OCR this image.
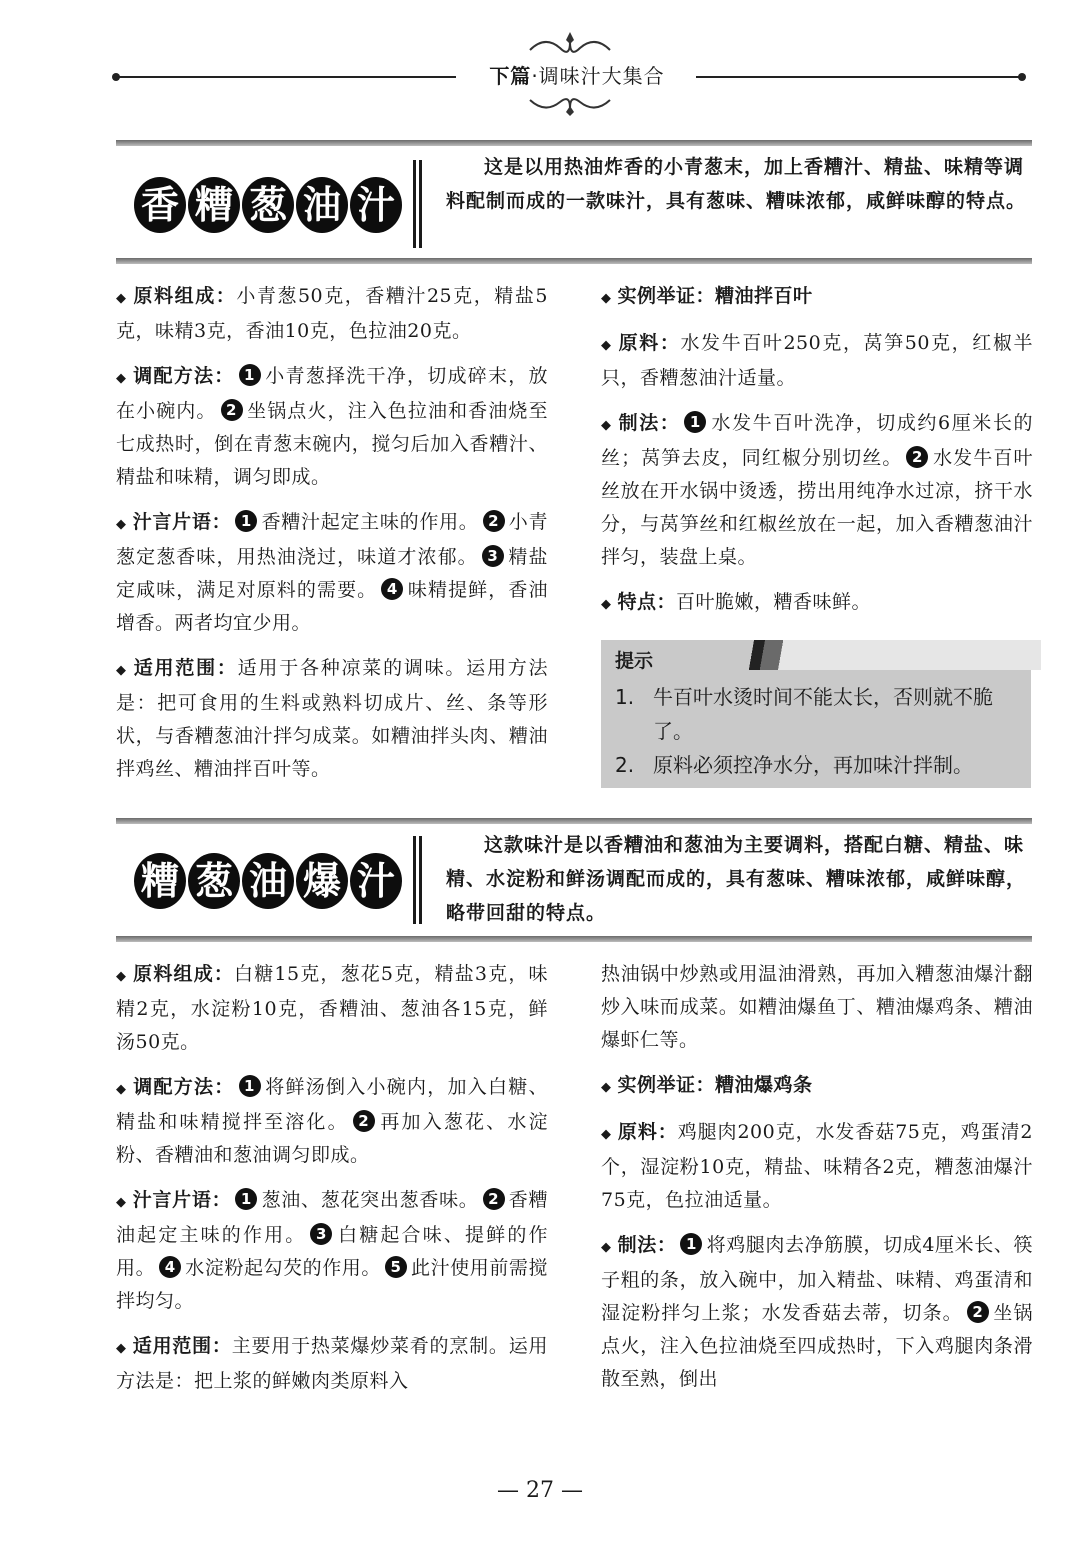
下篇·调味汁大集合
香 糟 葱 油 汁
这是以用热油炸香的小青葱末，加上香糟汁、精盐、味精等调料配制而成的一款味汁，具有葱味、糟味浓郁，咸鲜味醇的特点。

◆ 原料组成：小青葱50克，香糟汁25克，精盐5克，味精3克，香油10克，色拉油20克。

◆ 调配方法： 1 小青葱择洗干净，切成碎末，放在小碗内。 2 坐锅点火，注入色拉油和香油烧至七成热时，倒在青葱末碗内，搅匀后加入香糟汁、精盐和味精，调匀即成。

◆ 汁言片语： 1 香糟汁起定主味的作用。 2 小青葱定葱香味，用热油浇过，味道才浓郁。 3 精盐定咸味，满足对原料的需要。 4 味精提鲜，香油增香。两者均宜少用。

◆ 适用范围：适用于各种凉菜的调味。运用方法是：把可食用的生料或熟料切成片、丝、条等形状，与香糟葱油汁拌匀成菜。如糟油拌头肉、糟油拌鸡丝、糟油拌百叶等。

◆ 实例举证：糟油拌百叶

◆ 原料：水发牛百叶250克，莴笋50克，红椒半只，香糟葱油汁适量。

◆ 制法： 1 水发牛百叶洗净，切成约6厘米长的丝；莴笋去皮，同红椒分别切丝。 2 水发牛百叶丝放在开水锅中烫透，捞出用纯净水过凉，挤干水分，与莴笋丝和红椒丝放在一起，加入香糟葱油汁拌匀，装盘上桌。

◆ 特点：百叶脆嫩，糟香味鲜。

提示
1. 牛百叶水烫时间不能太长，否则就不脆了。
2. 原料必须控净水分，再加味汁拌制。
糟 葱 油 爆 汁
这款味汁是以香糟油和葱油为主要调料，搭配白糖、精盐、味精、水淀粉和鲜汤调配而成的，具有葱味、糟味浓郁，咸鲜味醇，略带回甜的特点。

◆ 原料组成：白糖15克，葱花5克，精盐3克，味精2克，水淀粉10克，香糟油、葱油各15克，鲜汤50克。

◆ 调配方法： 1 将鲜汤倒入小碗内，加入白糖、精盐和味精搅拌至溶化。 2 再加入葱花、水淀粉、香糟油和葱油调匀即成。

◆ 汁言片语： 1 葱油、葱花突出葱香味。 2 香糟油起定主味的作用。 3 白糖起合味、提鲜的作用。 4 水淀粉起勾芡的作用。 5 此汁使用前需搅拌均匀。

◆ 适用范围：主要用于热菜爆炒菜肴的烹制。运用方法是：把上浆的鲜嫩肉类原料入

热油锅中炒熟或用温油滑熟，再加入糟葱油爆汁翻炒入味而成菜。如糟油爆鱼丁、糟油爆鸡条、糟油爆虾仁等。

◆ 实例举证：糟油爆鸡条

◆ 原料：鸡腿肉200克，水发香菇75克，鸡蛋清2个，湿淀粉10克，精盐、味精各2克，糟葱油爆汁75克，色拉油适量。

◆ 制法： 1 将鸡腿肉去净筋膜，切成4厘米长、筷子粗的条，放入碗中，加入精盐、味精、鸡蛋清和湿淀粉拌匀上浆；水发香菇去蒂，切条。 2 坐锅点火，注入色拉油烧至四成热时，下入鸡腿肉条滑散至熟，倒出

— 27 —
